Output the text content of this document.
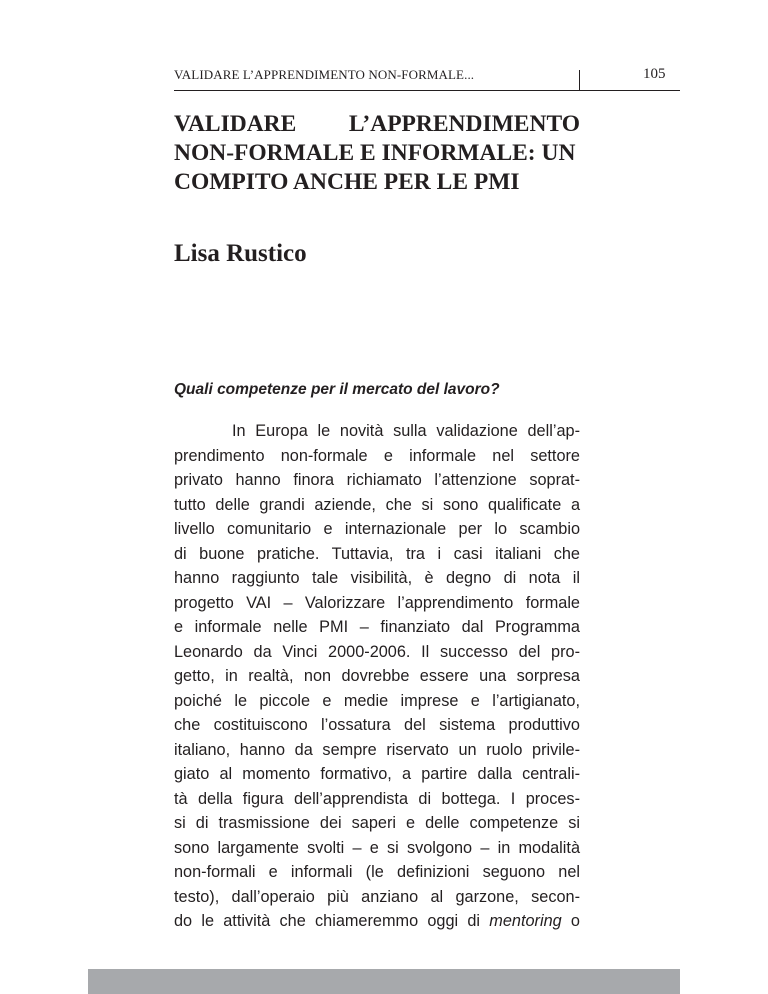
VALIDARE L’APPRENDIMENTO NON-FORMALE...	105
VALIDARE L’APPRENDIMENTO
NON-FORMALE E INFORMALE: UN
COMPITO ANCHE PER LE PMI
Lisa Rustico
Quali competenze per il mercato del lavoro?
In Europa le novità sulla validazione dell’ap-
prendimento non-formale e informale nel settore
privato hanno finora richiamato l’attenzione soprat-
tutto delle grandi aziende, che si sono qualificate a
livello comunitario e internazionale per lo scambio
di buone pratiche. Tuttavia, tra i casi italiani che
hanno raggiunto tale visibilità, è degno di nota il
progetto VAI – Valorizzare l’apprendimento formale
e informale nelle PMI – finanziato dal Programma
Leonardo da Vinci 2000-2006. Il successo del pro-
getto, in realtà, non dovrebbe essere una sorpresa
poiché le piccole e medie imprese e l’artigianato,
che costituiscono l’ossatura del sistema produttivo
italiano, hanno da sempre riservato un ruolo privile-
giato al momento formativo, a partire dalla centrali-
tà della figura dell’apprendista di bottega. I proces-
si di trasmissione dei saperi e delle competenze si
sono largamente svolti – e si svolgono – in modalità
non-formali e informali (le definizioni seguono nel
testo), dall’operaio più anziano al garzone, secon-
do le attività che chiameremmo oggi di mentoring o
